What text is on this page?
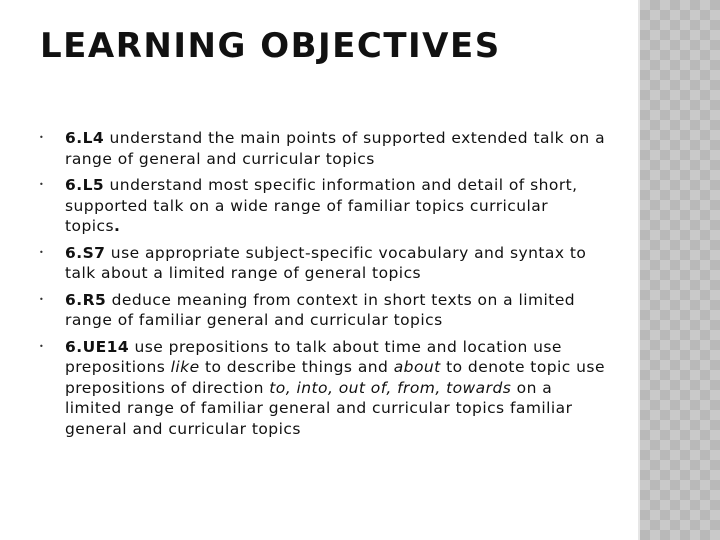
LEARNING OBJECTIVES
• 6.L4 understand the main points of supported extended talk on a range of general and curricular topics
• 6.L5 understand most specific information and detail of short, supported talk on a wide range of familiar topics curricular topics.
• 6.S7 use appropriate subject-specific vocabulary and syntax to talk about a limited range of general topics
• 6.R5 deduce meaning from context in short texts on a limited range of familiar general and curricular topics
• 6.UE14 use prepositions to talk about time and location use prepositions like to describe things and about to denote topic use prepositions of direction to, into, out of, from, towards on a limited range of familiar general and curricular topics familiar general and curricular topics
